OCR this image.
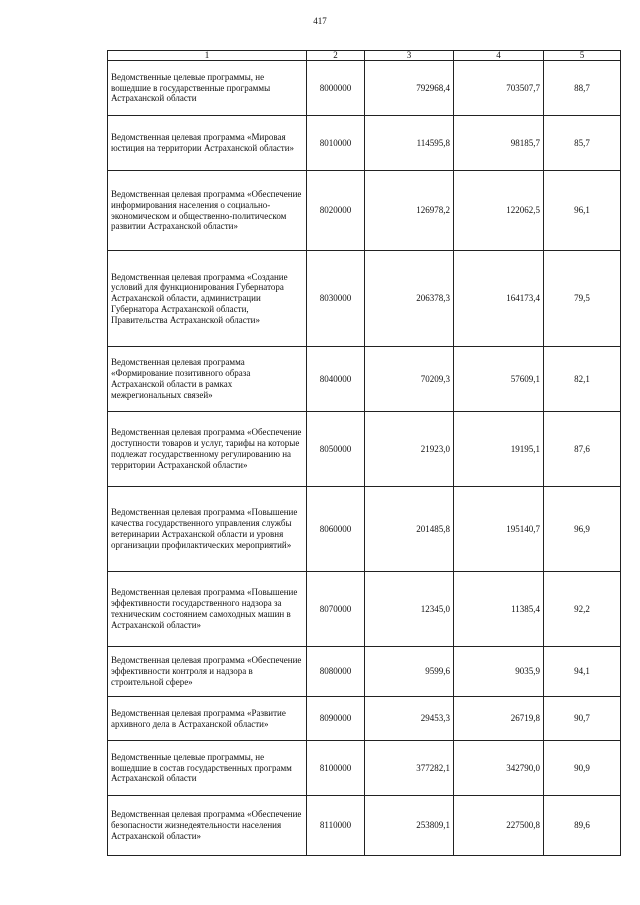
417
1	2	3	4	5
Ведомственные целевые программы, не вошедшие в государственные программы Астраханской области	8000000	792968,4	703507,7	88,7
Ведомственная целевая программа «Мировая юстиция на территории Астраханской области»	8010000	114595,8	98185,7	85,7
Ведомственная целевая программа «Обеспечение информирования населения о социально-экономическом и общественно-политическом развитии Астраханской области»	8020000	126978,2	122062,5	96,1
Ведомственная целевая программа «Создание условий для функционирования Губернатора Астраханской области, администрации Губернатора Астраханской области, Правительства Астраханской области»	8030000	206378,3	164173,4	79,5
Ведомственная целевая программа «Формирование позитивного образа Астраханской области в рамках межрегиональных связей»	8040000	70209,3	57609,1	82,1
Ведомственная целевая программа «Обеспечение доступности товаров и услуг, тарифы на которые подлежат государственному регулированию на территории Астраханской области»	8050000	21923,0	19195,1	87,6
Ведомственная целевая программа «Повышение качества государственного управления службы ветеринарии Астраханской области и уровня организации профилактических мероприятий»	8060000	201485,8	195140,7	96,9
Ведомственная целевая программа «Повышение эффективности государственного надзора за техническим состоянием самоходных машин в Астраханской области»	8070000	12345,0	11385,4	92,2
Ведомственная целевая программа «Обеспечение эффективности контроля и надзора в строительной сфере»	8080000	9599,6	9035,9	94,1
Ведомственная целевая программа «Развитие архивного дела в Астраханской области»	8090000	29453,3	26719,8	90,7
Ведомственные целевые программы, не вошедшие в состав государственных программ Астраханской области	8100000	377282,1	342790,0	90,9
Ведомственная целевая программа «Обеспечение безопасности жизнедеятельности населения Астраханской области»	8110000	253809,1	227500,8	89,6
